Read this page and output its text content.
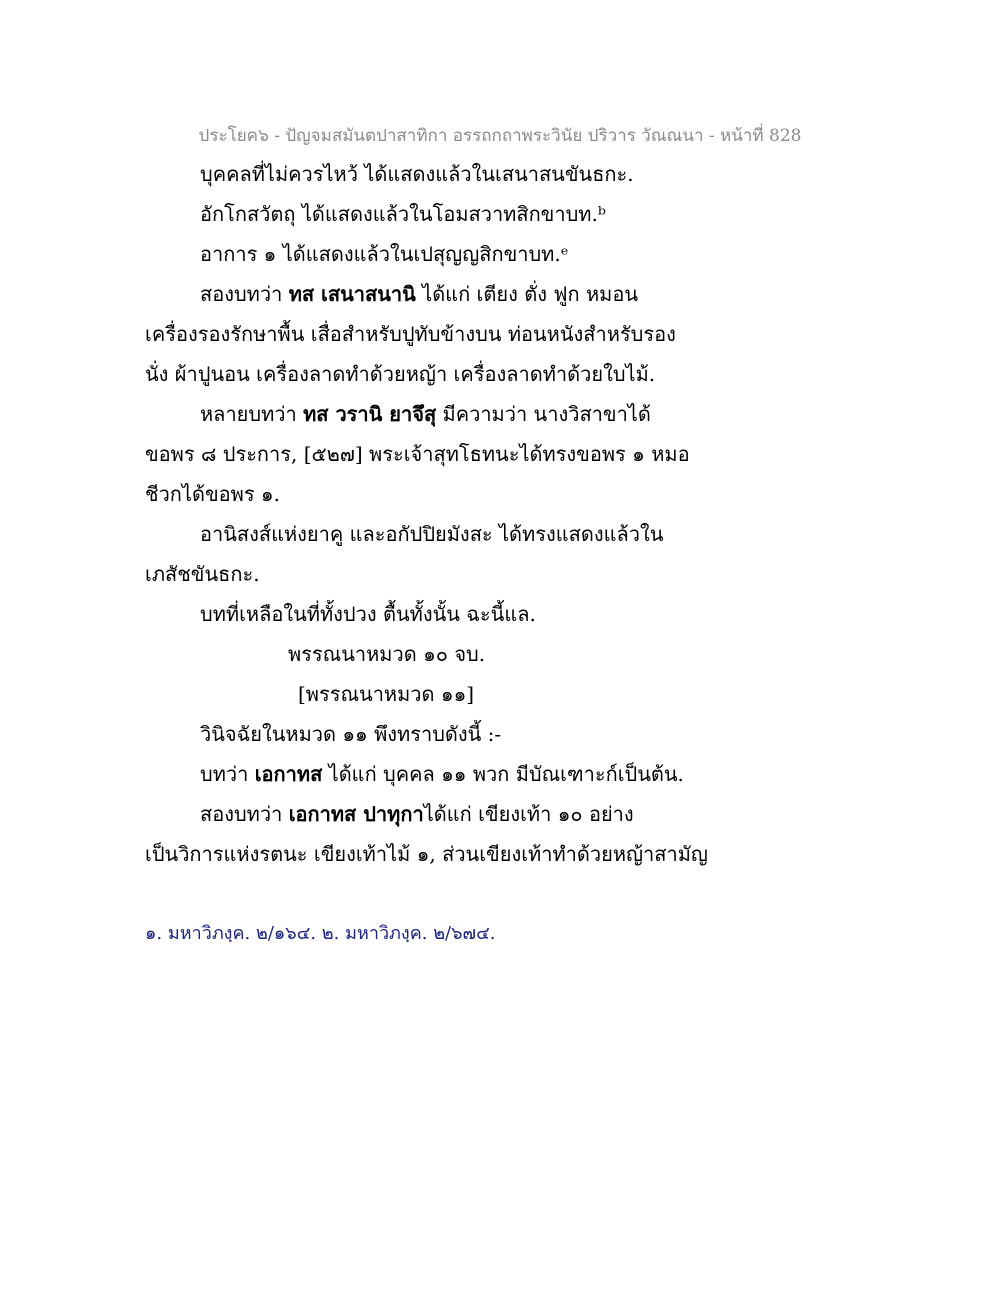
ประโยค๖ - ปัญจมสมันตปาสาทิกา อรรถกถาพระวินัย ปริวาร วัณณนา - หน้าที่ 828
บุคคลที่ไม่ควรไหว้ ได้แสดงแล้วในเสนาสนขันธกะ.
อักโกสวัตถุ ได้แสดงแล้วในโอมสวาทสิกขาบท.ᵇ
อาการ ๑ ได้แสดงแล้วในเปสุญญสิกขาบท.ᵉ
สองบทว่า ทส เสนาสนานิ ได้แก่ เตียง ตั่ง ฟูก หมอน
เครื่องรองรักษาพื้น เสื่อสำหรับปูทับข้างบน ท่อนหนังสำหรับรอง
นั่ง ผ้าปูนอน เครื่องลาดทำด้วยหญ้า เครื่องลาดทำด้วยใบไม้.
หลายบทว่า ทส วรานิ ยาจึสุ มีความว่า นางวิสาขาได้
ขอพร ๘ ประการ, [๕๒๗] พระเจ้าสุทโธทนะได้ทรงขอพร ๑ หมอ
ชีวกได้ขอพร ๑.
อานิสงส์แห่งยาคู และอกัปปิยมังสะ ได้ทรงแสดงแล้วใน
เภสัชขันธกะ.
บทที่เหลือในที่ทั้งปวง ตื้นทั้งนั้น ฉะนี้แล.
พรรณนาหมวด ๑๐ จบ.
[พรรณนาหมวด ๑๑]
วินิจฉัยในหมวด ๑๑ พึงทราบดังนี้ :-
บทว่า เอกาทส ได้แก่ บุคคล ๑๑ พวก มีบัณเฑาะก์เป็นต้น.
สองบทว่า เอกาทส ปาทุกาได้แก่ เขียงเท้า ๑๐ อย่าง
เป็นวิการแห่งรตนะ เขียงเท้าไม้ ๑, ส่วนเขียงเท้าทำด้วยหญ้าสามัญ
๑. มหาวิภงฺค. ๒/๑๖๔. ๒. มหาวิภงฺค. ๒/๖๗๔.
